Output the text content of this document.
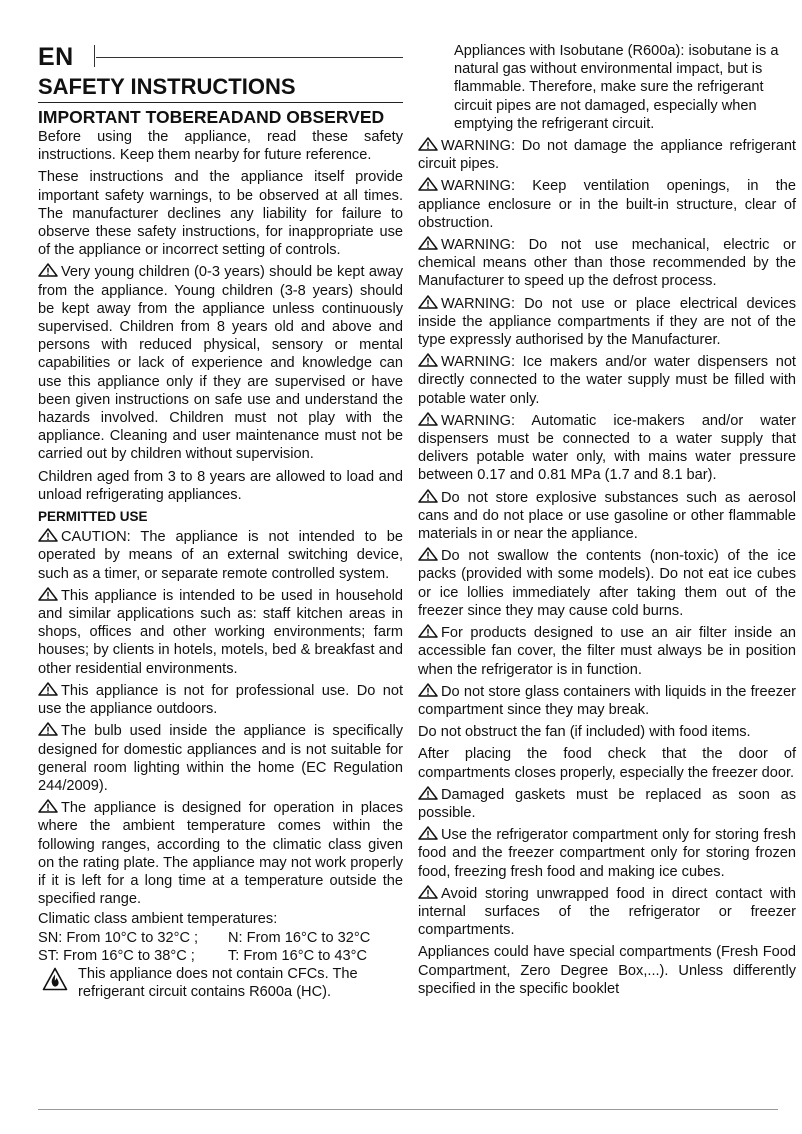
EN
SAFETY INSTRUCTIONS
IMPORTANT TOBEREADAND OBSERVED

Before using the appliance, read these safety instructions. Keep them nearby for future reference.

These instructions and the appliance itself provide important safety warnings, to be observed at all times. The manufacturer declines any liability for failure to observe these safety instructions, for inappropriate use of the appliance or incorrect setting of controls.

Very young children (0-3 years) should be kept away from the appliance. Young children (3-8 years) should be kept away from the appliance unless continuously supervised. Children from 8 years old and above and persons with reduced physical, sensory or mental capabilities or lack of experience and knowledge can use this appliance only if they are supervised or have been given instructions on safe use and understand the hazards involved. Children must not play with the appliance. Cleaning and user maintenance must not be carried out by children without supervision.

Children aged from 3 to 8 years are allowed to load and unload refrigerating appliances.

PERMITTED USE

CAUTION: The appliance is not intended to be operated by means of an external switching device, such as a timer, or separate remote controlled system.

This appliance is intended to be used in household and similar applications such as: staff kitchen areas in shops, offices and other working environments; farm houses; by clients in hotels, motels, bed & breakfast and other residential environments.

This appliance is not for professional use. Do not use the appliance outdoors.

The bulb used inside the appliance is specifically designed for domestic appliances and is not suitable for general room lighting within the home (EC Regulation 244/2009).

The appliance is designed for operation in places where the ambient temperature comes within the following ranges, according to the climatic class given on the rating plate. The appliance may not work properly if it is left for a long time at a temperature outside the specified range.

Climatic class ambient temperatures:
SN: From 10°C to 32°C ;	N: From 16°C to 32°C
ST: From 16°C to 38°C ;	T: From 16°C to 43°C
This appliance does not contain CFCs. The refrigerant circuit contains R600a (HC).

Appliances with Isobutane (R600a): isobutane is a natural gas without environmental impact, but is flammable. Therefore, make sure the refrigerant circuit pipes are not damaged, especially when emptying the refrigerant circuit.

WARNING: Do not damage the appliance refrigerant circuit pipes.

WARNING: Keep ventilation openings, in the appliance enclosure or in the built-in structure, clear of obstruction.

WARNING: Do not use mechanical, electric or chemical means other than those recommended by the Manufacturer to speed up the defrost process.

WARNING: Do not use or place electrical devices inside the appliance compartments if they are not of the type expressly authorised by the Manufacturer.

WARNING: Ice makers and/or water dispensers not directly connected to the water supply must be filled with potable water only.

WARNING: Automatic ice-makers and/or water dispensers must be connected to a water supply that delivers potable water only, with mains water pressure between 0.17 and 0.81 MPa (1.7 and 8.1 bar).

Do not store explosive substances such as aerosol cans and do not place or use gasoline or other flammable materials in or near the appliance.

Do not swallow the contents (non-toxic) of the ice packs (provided with some models). Do not eat ice cubes or ice lollies immediately after taking them out of the freezer since they may cause cold burns.

For products designed to use an air filter inside an accessible fan cover, the filter must always be in position when the refrigerator is in function.

Do not store glass containers with liquids in the freezer compartment since they may break.

Do not obstruct the fan (if included) with food items.

After placing the food check that the door of compartments closes properly, especially the freezer door.

Damaged gaskets must be replaced as soon as possible.

Use the refrigerator compartment only for storing fresh food and the freezer compartment only for storing frozen food, freezing fresh food and making ice cubes.

Avoid storing unwrapped food in direct contact with internal surfaces of the refrigerator or freezer compartments.

Appliances could have special compartments (Fresh Food Compartment, Zero Degree Box,...). Unless differently specified in the specific booklet
